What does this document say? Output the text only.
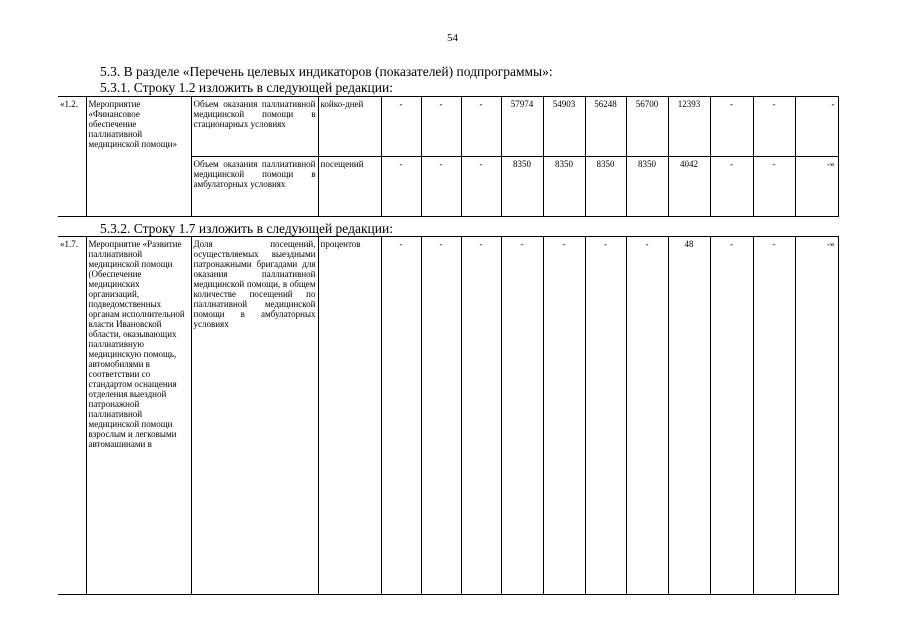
54
5.3. В разделе «Перечень целевых индикаторов (показателей) подпрограммы»:
5.3.1. Строку 1.2 изложить в следующей редакции:
«1.2.	Мероприятие «Финансовое обеспечение паллиативной медицинской помощи»	Объем оказания паллиативной медицинской помощи в стационарных условиях	койко-дней	-	-	-	57974	54903	56248	56700	12393	-	-	-
		Объем оказания паллиативной медицинской помощи в амбулаторных условиях	посещений	-	-	-	8350	8350	8350	8350	4042	-	-	-»
5.3.2. Строку 1.7 изложить в следующей редакции:
«1.7.	Мероприятие «Развитие паллиативной медицинской помощи (Обеспечение медицинских организаций, подведомственных органам исполнительной власти Ивановской области, оказывающих паллиативную медицинскую помощь, автомобилями в соответствии со стандартом оснащения отделения выездной патронажной паллиативной медицинской помощи взрослым и легковыми автомашинами в	Доля посещений, осуществляемых выездными патронажными бригадами для оказания паллиативной медицинской помощи, в общем количестве посещений по паллиативной медицинской помощи в амбулаторных условиях	процентов	-	-	-	-	-	-	-	48	-	-	-»
